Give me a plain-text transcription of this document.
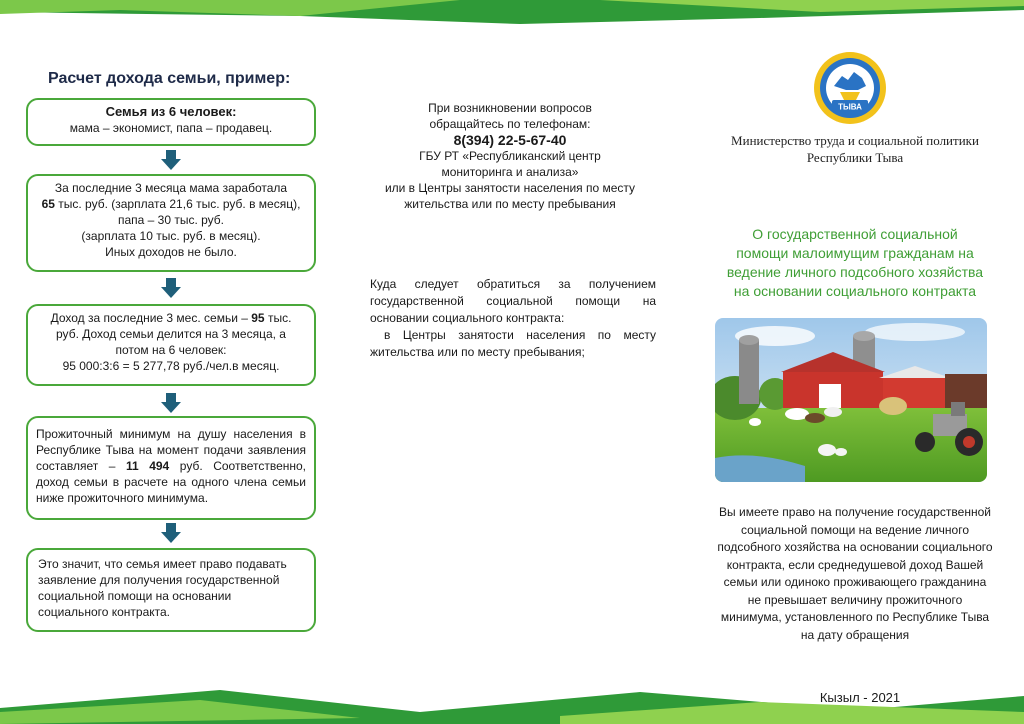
Расчет дохода семьи, пример:
Семья из 6 человек:
мама – экономист, папа – продавец.
За последние 3 месяца мама заработала
65 тыс. руб. (зарплата 21,6 тыс. руб. в месяц),
папа – 30 тыс. руб.
(зарплата 10 тыс. руб. в месяц).
Иных доходов не было.
Доход за последние 3 мес. семьи – 95 тыс.
руб. Доход семьи делится на 3 месяца, а
потом на 6 человек:
95 000:3:6 = 5 277,78 руб./чел.в месяц.
Прожиточный минимум на душу населения в Республике Тыва на момент подачи заявления составляет – 11 494 руб. Соответственно, доход семьи в расчете на одного члена семьи ниже прожиточного минимума.
Это значит, что семья имеет право подавать заявление для получения государственной социальной помощи на основании социального контракта.
При возникновении вопросов
обращайтесь по телефонам:
8(394) 22-5-67-40
ГБУ РТ «Республиканский центр
мониторинга и анализа»
или в Центры занятости населения по месту
жительства или по месту пребывания
Куда следует обратиться за получением государственной социальной помощи на основании социального контракта:
в Центры занятости населения по месту жительства или по месту пребывания;
ТЫВА
Министерство труда и социальной политики
Республики Тыва
О государственной социальной
помощи малоимущим гражданам на
ведение личного подсобного хозяйства
на основании социального контракта
Вы имеете право на получение государственной
социальной помощи на ведение личного
подсобного хозяйства на основании социального
контракта, если среднедушевой доход Вашей
семьи или одиноко проживающего гражданина
не превышает величину прожиточного
минимума, установленного по Республике Тыва
на дату обращения
Кызыл - 2021
